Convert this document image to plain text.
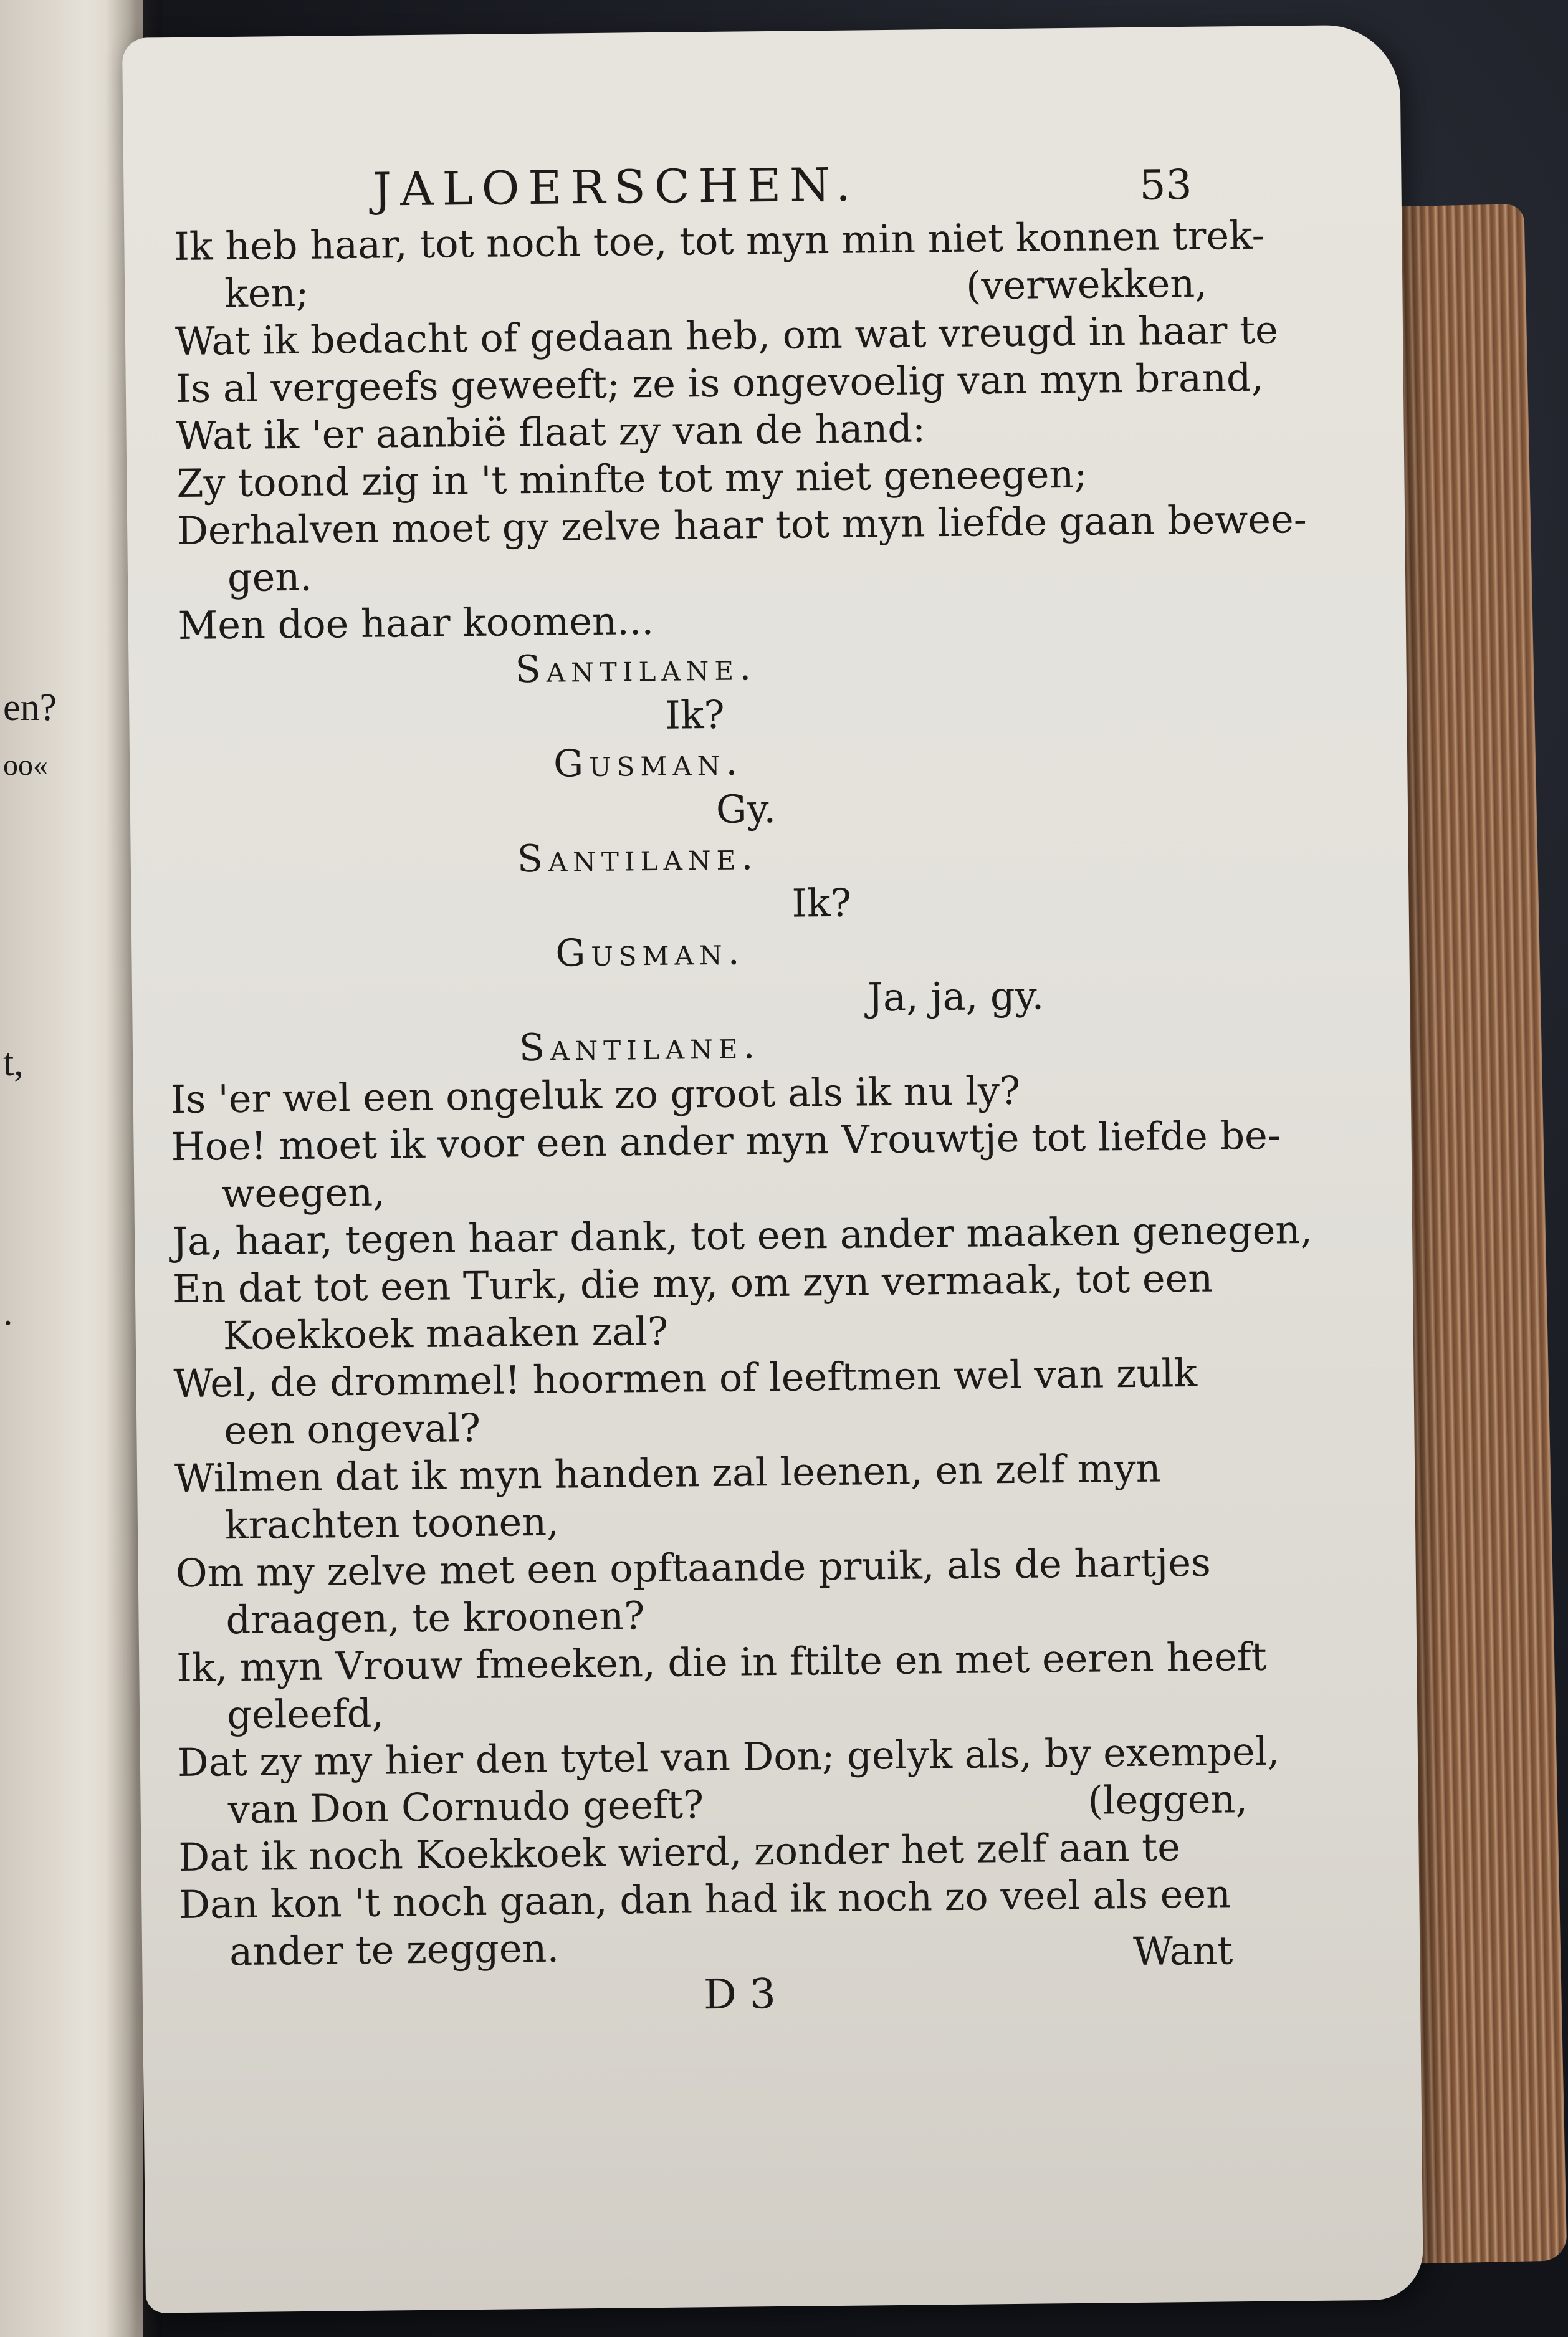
en?
oo«
t,
.
JALOERSCHEN.	53
Ik heb haar, tot noch toe, tot myn min niet konnen trek-
ken;	(verwekken,
Wat ik bedacht of gedaan heb, om wat vreugd in haar te
Is al vergeefs geweeft; ze is ongevoelig van myn brand,
Wat ik 'er aanbië flaat zy van de hand:
Zy toond zig in 't minfte tot my niet geneegen;
Derhalven moet gy zelve haar tot myn liefde gaan bewee-
gen.
Men doe haar koomen...
Santilane.
Ik?
Gusman.
Gy.
Santilane.
Ik?
Gusman.
Ja, ja, gy.
Santilane.
Is 'er wel een ongeluk zo groot als ik nu ly?
Hoe! moet ik voor een ander myn Vrouwtje tot liefde be-
weegen,
Ja, haar, tegen haar dank, tot een ander maaken genegen,
En dat tot een Turk, die my, om zyn vermaak, tot een
Koekkoek maaken zal?
Wel, de drommel! hoormen of leeftmen wel van zulk
een ongeval?
Wilmen dat ik myn handen zal leenen, en zelf myn
krachten toonen,
Om my zelve met een opftaande pruik, als de hartjes
draagen, te kroonen?
Ik, myn Vrouw fmeeken, die in ftilte en met eeren heeft
geleefd,
Dat zy my hier den tytel van Don; gelyk als, by exempel,
van Don Cornudo geeft?	(leggen,
Dat ik noch Koekkoek wierd, zonder het zelf aan te
Dan kon 't noch gaan, dan had ik noch zo veel als een
ander te zeggen.
D 3
Want
